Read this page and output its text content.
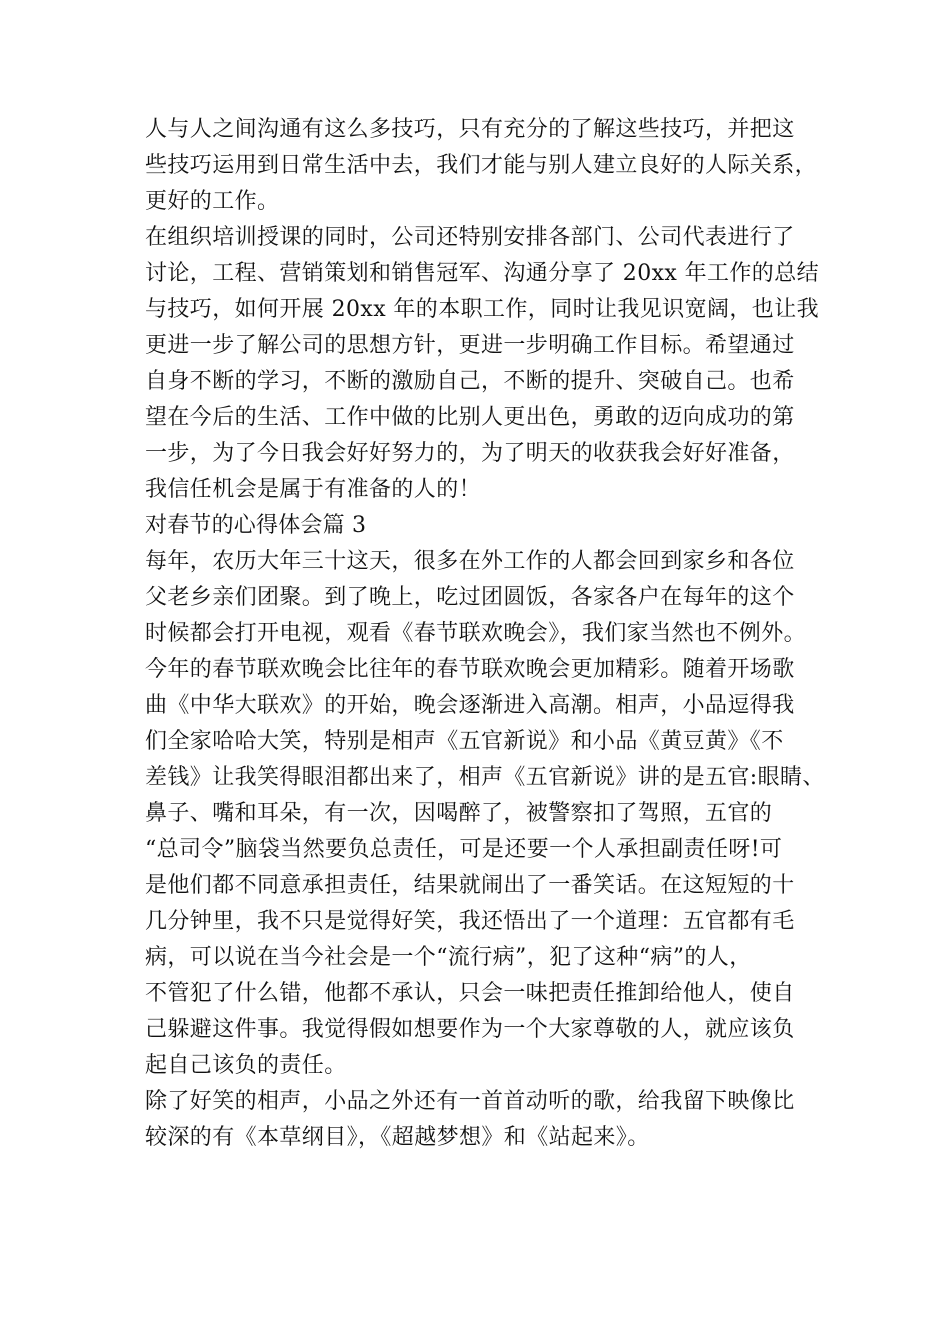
人与人之间沟通有这么多技巧，只有充分的了解这些技巧，并把这
些技巧运用到日常生活中去，我们才能与别人建立良好的人际关系，
更好的工作。
在组织培训授课的同时，公司还特别安排各部门、公司代表进行了
讨论，工程、营销策划和销售冠军、沟通分享了 20xx 年工作的总结
与技巧，如何开展 20xx 年的本职工作，同时让我见识宽阔，也让我
更进一步了解公司的思想方针，更进一步明确工作目标。希望通过
自身不断的学习，不断的激励自己，不断的提升、突破自己。也希
望在今后的生活、工作中做的比别人更出色，勇敢的迈向成功的第
一步，为了今日我会好好努力的，为了明天的收获我会好好准备，
我信任机会是属于有准备的人的！
对春节的心得体会篇 3
每年，农历大年三十这天，很多在外工作的人都会回到家乡和各位
父老乡亲们团聚。到了晚上，吃过团圆饭，各家各户在每年的这个
时候都会打开电视，观看《春节联欢晚会》，我们家当然也不例外。
今年的春节联欢晚会比往年的春节联欢晚会更加精彩。随着开场歌
曲《中华大联欢》的开始，晚会逐渐进入高潮。相声，小品逗得我
们全家哈哈大笑，特别是相声《五官新说》和小品《黄豆黄》《不
差钱》让我笑得眼泪都出来了，相声《五官新说》讲的是五官:眼睛、
鼻子、嘴和耳朵，有一次，因喝醉了，被警察扣了驾照，五官的
“总司令”脑袋当然要负总责任，可是还要一个人承担副责任呀!可
是他们都不同意承担责任，结果就闹出了一番笑话。在这短短的十
几分钟里，我不只是觉得好笑，我还悟出了一个道理：五官都有毛
病，可以说在当今社会是一个“流行病”，犯了这种“病”的人，
不管犯了什么错，他都不承认，只会一味把责任推卸给他人，使自
己躲避这件事。我觉得假如想要作为一个大家尊敬的人，就应该负
起自己该负的责任。
除了好笑的相声，小品之外还有一首首动听的歌，给我留下映像比
较深的有《本草纲目》，《超越梦想》和《站起来》。
